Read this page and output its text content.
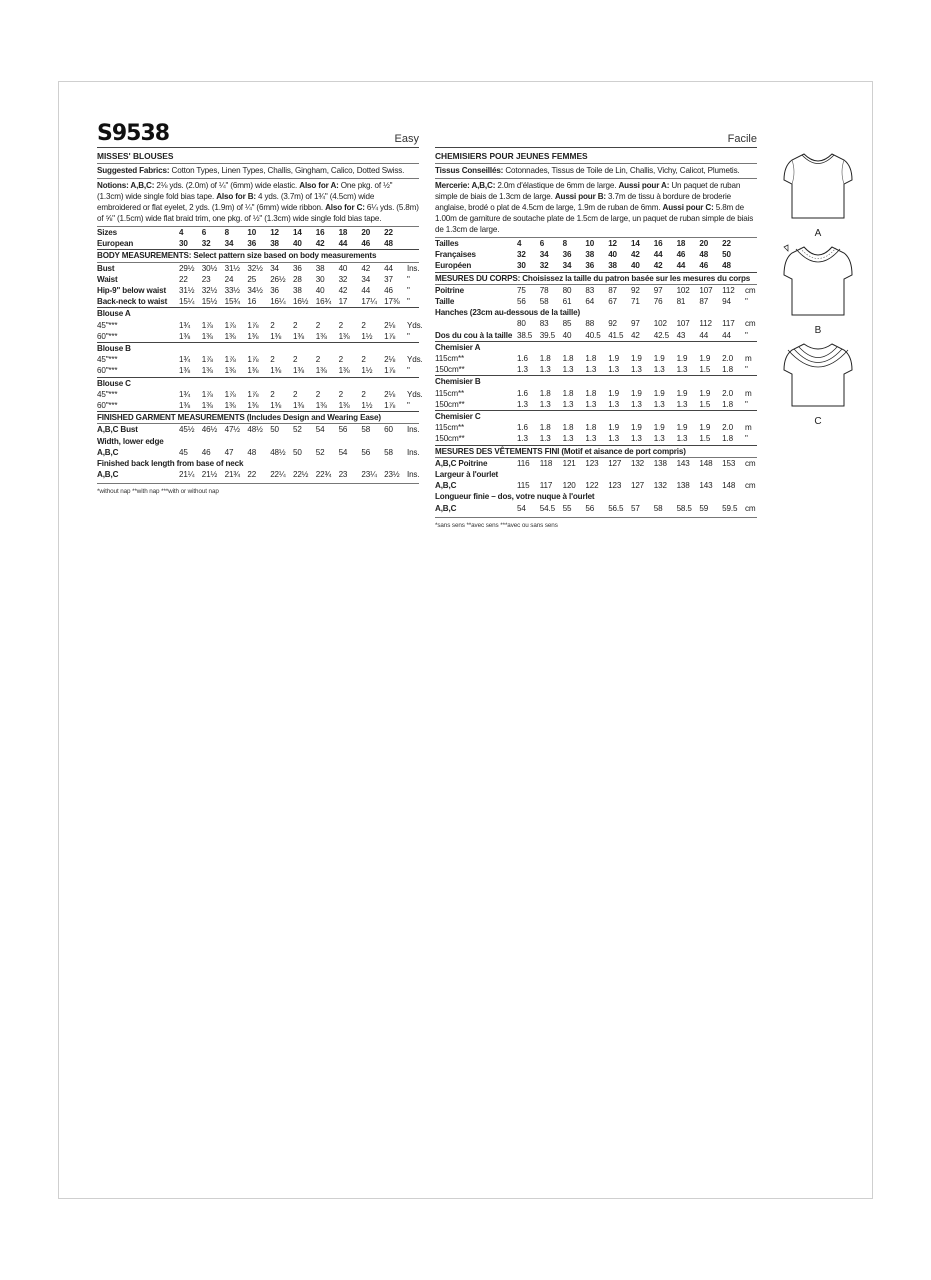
S9538	Easy
MISSES' BLOUSES
Suggested Fabrics: Cotton Types, Linen Types, Challis, Gingham, Calico, Dotted Swiss.
Notions: A,B,C: 2⅛ yds. (2.0m) of ¼" (6mm) wide elastic. Also for A: One pkg. of ½" (1.3cm) wide single fold bias tape. Also for B: 4 yds. (3.7m) of 1¾" (4.5cm) wide embroidered or flat eyelet, 2 yds. (1.9m) of ¼" (6mm) wide ribbon. Also for C: 6¼ yds. (5.8m) of ⅝" (1.5cm) wide flat braid trim, one pkg. of ½" (1.3cm) wide single fold bias tape.
Sizes	4	6	8	10	12	14	16	18	20	22	
European	30	32	34	36	38	40	42	44	46	48	
BODY MEASUREMENTS: Select pattern size based on body measurements											
Bust	29½	30½	31½	32½	34	36	38	40	42	44	Ins.
Waist	22	23	24	25	26½	28	30	32	34	37	"
Hip-9" below waist	31½	32½	33½	34½	36	38	40	42	44	46	"
Back-neck to waist	15¼	15½	15¾	16	16¼	16½	16¾	17	17¼	17⅜	"
Blouse A											
45"***	1¾	1⅞	1⅞	1⅞	2	2	2	2	2	2⅛	Yds.
60"***	1⅜	1⅜	1⅜	1⅜	1⅜	1⅜	1⅜	1⅜	1½	1⅞	"
Blouse B											
45"***	1¾	1⅞	1⅞	1⅞	2	2	2	2	2	2⅛	Yds.
60"***	1⅜	1⅜	1⅜	1⅜	1⅜	1⅜	1⅜	1⅜	1½	1⅞	"
Blouse C											
45"***	1¾	1⅞	1⅞	1⅞	2	2	2	2	2	2⅛	Yds.
60"***	1⅜	1⅜	1⅜	1⅜	1⅜	1⅜	1⅜	1⅜	1½	1⅞	"
FINISHED GARMENT MEASUREMENTS (Includes Design and Wearing Ease)											
A,B,C Bust	45½	46½	47½	48½	50	52	54	56	58	60	Ins.
Width, lower edge											
A,B,C	45	46	47	48	48½	50	52	54	56	58	Ins.
Finished back length from base of neck											
A,B,C	21¼	21½	21¾	22	22¼	22½	22¾	23	23¼	23½	Ins.
*without nap **with nap ***with or without nap
Facile
CHEMISIERS POUR JEUNES FEMMES
Tissus Conseillés: Cotonnades, Tissus de Toile de Lin, Challis, Vichy, Calicot, Plumetis.
Mercerie: A,B,C: 2.0m d'élastique de 6mm de large. Aussi pour A: Un paquet de ruban simple de biais de 1.3cm de large. Aussi pour B: 3.7m de tissu à bordure de broderie anglaise, brodé o plat de 4.5cm de large, 1.9m de ruban de 6mm. Aussi pour C: 5.8m de 1.00m de garniture de soutache plate de 1.5cm de large, un paquet de ruban simple de biais de 1.3cm de large.
Tailles	4	6	8	10	12	14	16	18	20	22	
Françaises	32	34	36	38	40	42	44	46	48	50	
Européen	30	32	34	36	38	40	42	44	46	48	
MESURES DU CORPS: Choisissez la taille du patron basée sur les mesures du corps											
Poitrine	75	78	80	83	87	92	97	102	107	112	cm
Taille	56	58	61	64	67	71	76	81	87	94	"
Hanches (23cm au-dessous de la taille)											
	80	83	85	88	92	97	102	107	112	117	cm
Dos du cou à la taille	38.5	39.5	40	40.5	41.5	42	42.5	43	44	44	"
Chemisier A											
115cm**	1.6	1.8	1.8	1.8	1.9	1.9	1.9	1.9	1.9	2.0	m
150cm**	1.3	1.3	1.3	1.3	1.3	1.3	1.3	1.3	1.5	1.8	"
Chemisier B											
115cm**	1.6	1.8	1.8	1.8	1.9	1.9	1.9	1.9	1.9	2.0	m
150cm**	1.3	1.3	1.3	1.3	1.3	1.3	1.3	1.3	1.5	1.8	"
Chemisier C											
115cm**	1.6	1.8	1.8	1.8	1.9	1.9	1.9	1.9	1.9	2.0	m
150cm**	1.3	1.3	1.3	1.3	1.3	1.3	1.3	1.3	1.5	1.8	"
MESURES DES VÊTEMENTS FINI (Motif et aisance de port compris)											
A,B,C Poitrine	116	118	121	123	127	132	138	143	148	153	cm
Largeur à l'ourlet											
A,B,C	115	117	120	122	123	127	132	138	143	148	cm
Longueur finie – dos, votre nuque à l'ourlet											
A,B,C	54	54.5	55	56	56.5	57	58	58.5	59	59.5	cm
*sans sens **avec sens ***avec ou sans sens
A
B
C
